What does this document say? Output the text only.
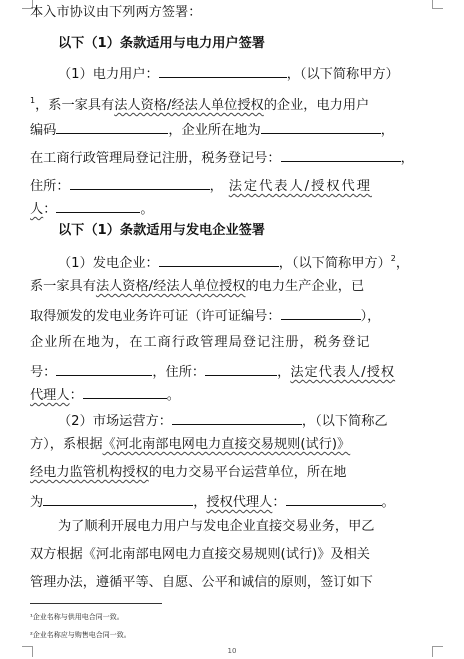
本入市协议由下列两方签署：
以下（1）条款适用与电力用户签署
（1）电力用户：	，（以下简称甲方）
$^1$，系一家具有法人资格/经法人单位授权的企业，电力用户
编码	，企业所在地为	，
在工商行政管理局登记注册，税务登记号：	，
住所：	， 法定代表人/授权代理
人：	。
以下（1）条款适用与发电企业签署
（1）发电企业：	，（以下简称甲方）$^2$，
系一家具有法人资格/经法人单位授权的电力生产企业，已
取得颁发的发电业务许可证（许可证编号：	），
企业所在地为，在工商行政管理局登记注册，税务登记
号：	，住所：	，法定代表人/授权
代理人：	。
（2）市场运营方：	，（以下简称乙
方），系根据《河北南部电网电力直接交易规则(试行)》
经电力监管机构授权的电力交易平台运营单位，所在地
为	，授权代理人：	。
为了顺利开展电力用户与发电企业直接交易业务，甲乙
双方根据《河北南部电网电力直接交易规则(试行)》及相关
管理办法，遵循平等、自愿、公平和诚信的原则，签订如下
¹企业名称与供用电合同一致。
²企业名称应与购售电合同一致。
10
